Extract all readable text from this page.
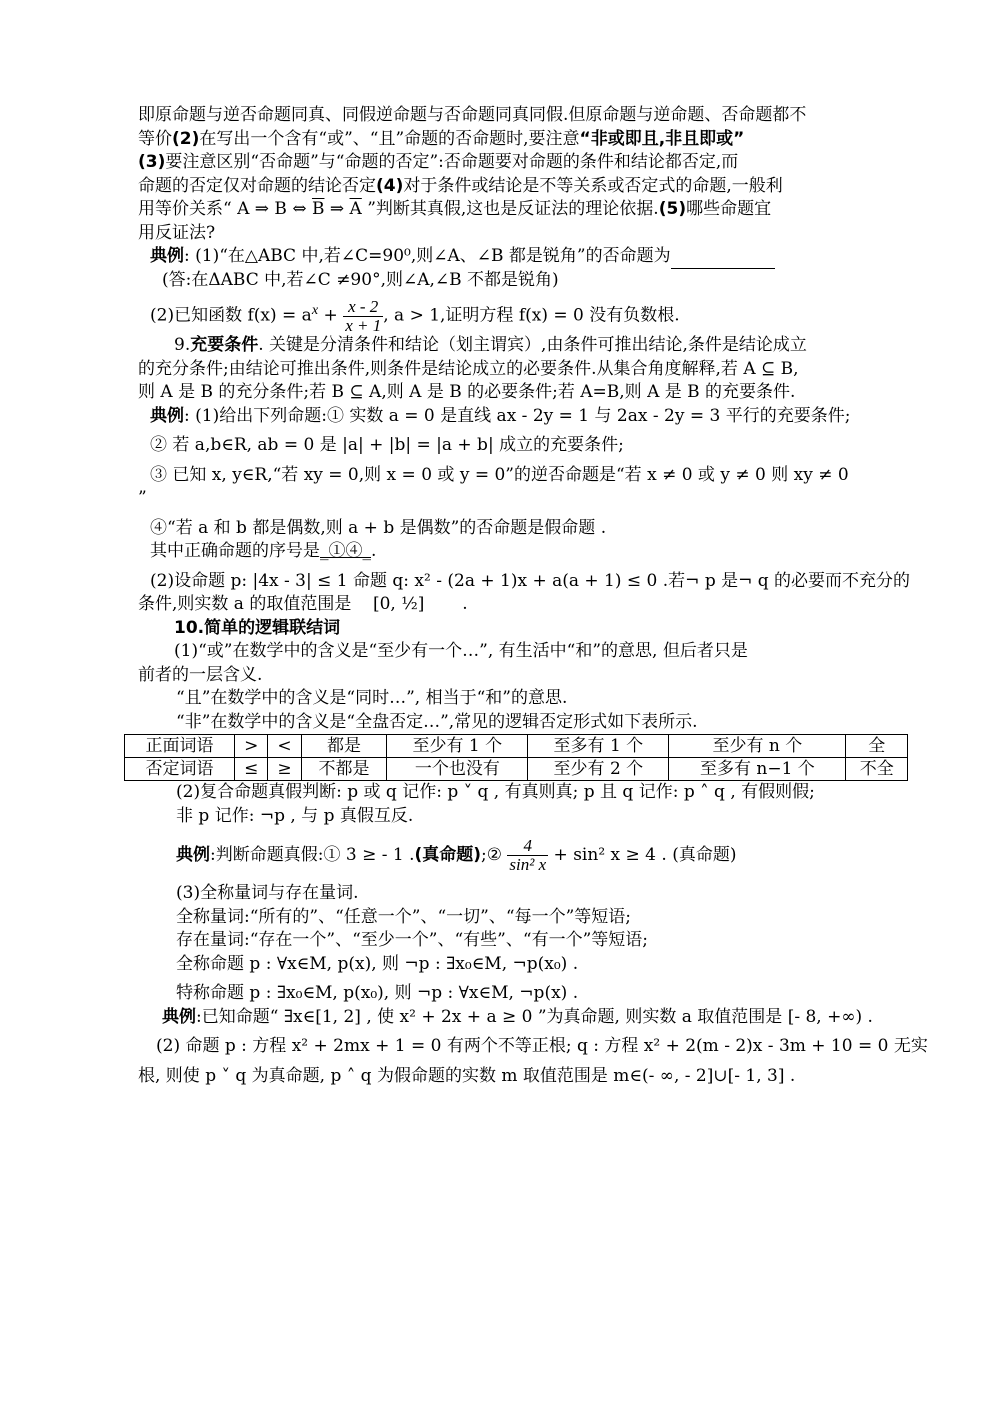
即原命题与逆否命题同真、同假逆命题与否命题同真同假.但原命题与逆命题、否命题都不
等价(2)在写出一个含有“或”、“且”命题的否命题时,要注意“非或即且,非且即或”
(3)要注意区别“否命题”与“命题的否定”:否命题要对命题的条件和结论都否定,而
命题的否定仅对命题的结论否定(4)对于条件或结论是不等关系或否定式的命题,一般利
用等价关系“ A ⇒ B ⇔ $\overline{B}$ ⇒ $\overline{A}$ ”判断其真假,这也是反证法的理论依据.(5)哪些命题宜
用反证法?
典例: (1)“在△ABC 中,若∠C=90⁰,则∠A、∠B 都是锐角”的否命题为
(答:在ΔABC 中,若∠C ≠90°,则∠A,∠B 不都是锐角)
(2)已知函数 $f(x) = a^x + \frac{x - 2}{x + 1}$ , a > 1,证明方程 f(x) = 0 没有负数根.
9.充要条件. 关键是分清条件和结论（划主谓宾）,由条件可推出结论,条件是结论成立
的充分条件;由结论可推出条件,则条件是结论成立的必要条件.从集合角度解释,若 A ⊆ B,
则 A 是 B 的充分条件;若 B ⊆ A,则 A 是 B 的必要条件;若 A=B,则 A 是 B 的充要条件.
典例: (1)给出下列命题:① 实数 a = 0 是直线 ax - 2y = 1 与 2ax - 2y = 3 平行的充要条件;
② 若 a,b∈R, ab = 0 是 |a| + |b| = |a + b| 成立的充要条件;
③ 已知 x, y∈R,“若 xy = 0,则 x = 0 或 y = 0”的逆否命题是“若 x ≠ 0 或 y ≠ 0 则 xy ≠ 0
”
④“若 a 和 b 都是偶数,则 a + b 是偶数”的否命题是假命题 .
其中正确命题的序号是_①④_.
(2)设命题 p: |4x - 3| ≤ 1 命题 q: x² - (2a + 1)x + a(a + 1) ≤ 0 .若¬ p 是¬ q 的必要而不充分的
条件,则实数 a 的取值范围是 [0, ½] .
10.简单的逻辑联结词
(1)“或”在数学中的含义是“至少有一个…”, 有生活中“和”的意思, 但后者只是
前者的一层含义.
“且”在数学中的含义是“同时…”, 相当于“和”的意思.
“非”在数学中的含义是“全盘否定…”,常见的逻辑否定形式如下表所示.
正面词语	>	<	都是	至少有 1 个	至多有 1 个	至少有 n 个	全
否定词语	≤	≥	不都是	一个也没有	至少有 2 个	至多有 n−1 个	不全
(2)复合命题真假判断: p 或 q 记作: p ˅ q , 有真则真; p 且 q 记作: p ˄ q , 有假则假;
非 p 记作: ¬p , 与 p 真假互反.
典例:判断命题真假:① 3 ≥ - 1 .(真命题);② $\frac{4}{\text{sin² x}} + \sin^2$ x ≥ 4 . (真命题)
(3)全称量词与存在量词.
全称量词:“所有的”、“任意一个”、“一切”、“每一个”等短语;
存在量词:“存在一个”、“至少一个”、“有些”、“有一个”等短语;
全称命题 p : ∀x∈M, p(x), 则 ¬p : ∃x₀∈M, ¬p(x₀) .
特称命题 p : ∃x₀∈M, p(x₀), 则 ¬p : ∀x∈M, ¬p(x) .
典例:已知命题“ ∃x∈[1, 2] , 使 x² + 2x + a ≥ 0 ”为真命题, 则实数 a 取值范围是 [- 8, +∞) .
(2) 命题 p : 方程 x² + 2mx + 1 = 0 有两个不等正根; q : 方程 x² + 2(m - 2)x - 3m + 10 = 0 无实
根, 则使 p ˅ q 为真命题, p ˄ q 为假命题的实数 m 取值范围是 m∈(- ∞, - 2]∪[- 1, 3] .
